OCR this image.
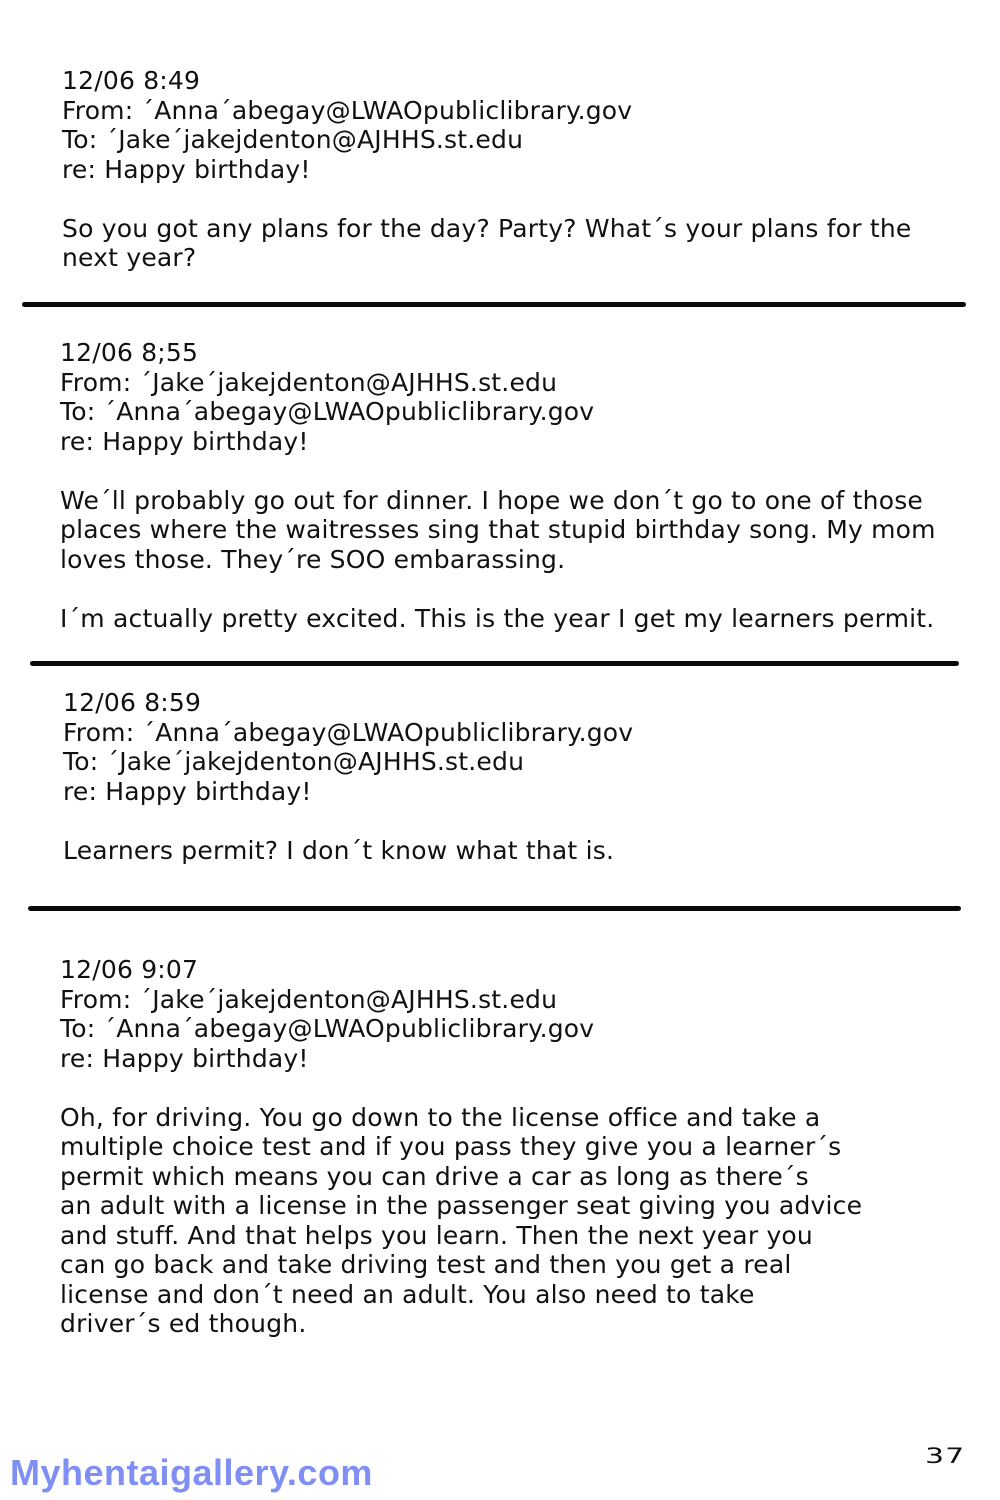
12/06 8:49
From: ´Anna´abegay@LWAOpubliclibrary.gov
To: ´Jake´jakejdenton@AJHHS.st.edu
re: Happy birthday!
So you got any plans for the day? Party? What´s your plans for the
next year?
12/06 8;55
From: ´Jake´jakejdenton@AJHHS.st.edu
To: ´Anna´abegay@LWAOpubliclibrary.gov
re: Happy birthday!
We´ll probably go out for dinner. I hope we don´t go to one of those
places where the waitresses sing that stupid birthday song. My mom
loves those. They´re SOO embarassing.
I´m actually pretty excited. This is the year I get my learners permit.
12/06 8:59
From: ´Anna´abegay@LWAOpubliclibrary.gov
To: ´Jake´jakejdenton@AJHHS.st.edu
re: Happy birthday!
Learners permit? I don´t know what that is.
12/06 9:07
From: ´Jake´jakejdenton@AJHHS.st.edu
To: ´Anna´abegay@LWAOpubliclibrary.gov
re: Happy birthday!
Oh, for driving. You go down to the license office and take a
multiple choice test and if you pass they give you a learner´s
permit which means you can drive a car as long as there´s
an adult with a license in the passenger seat giving you advice
and stuff. And that helps you learn. Then the next year you
can go back and take driving test and then you get a real
license and don´t need an adult. You also need to take
driver´s ed though.
Myhentaigallery.com	37
